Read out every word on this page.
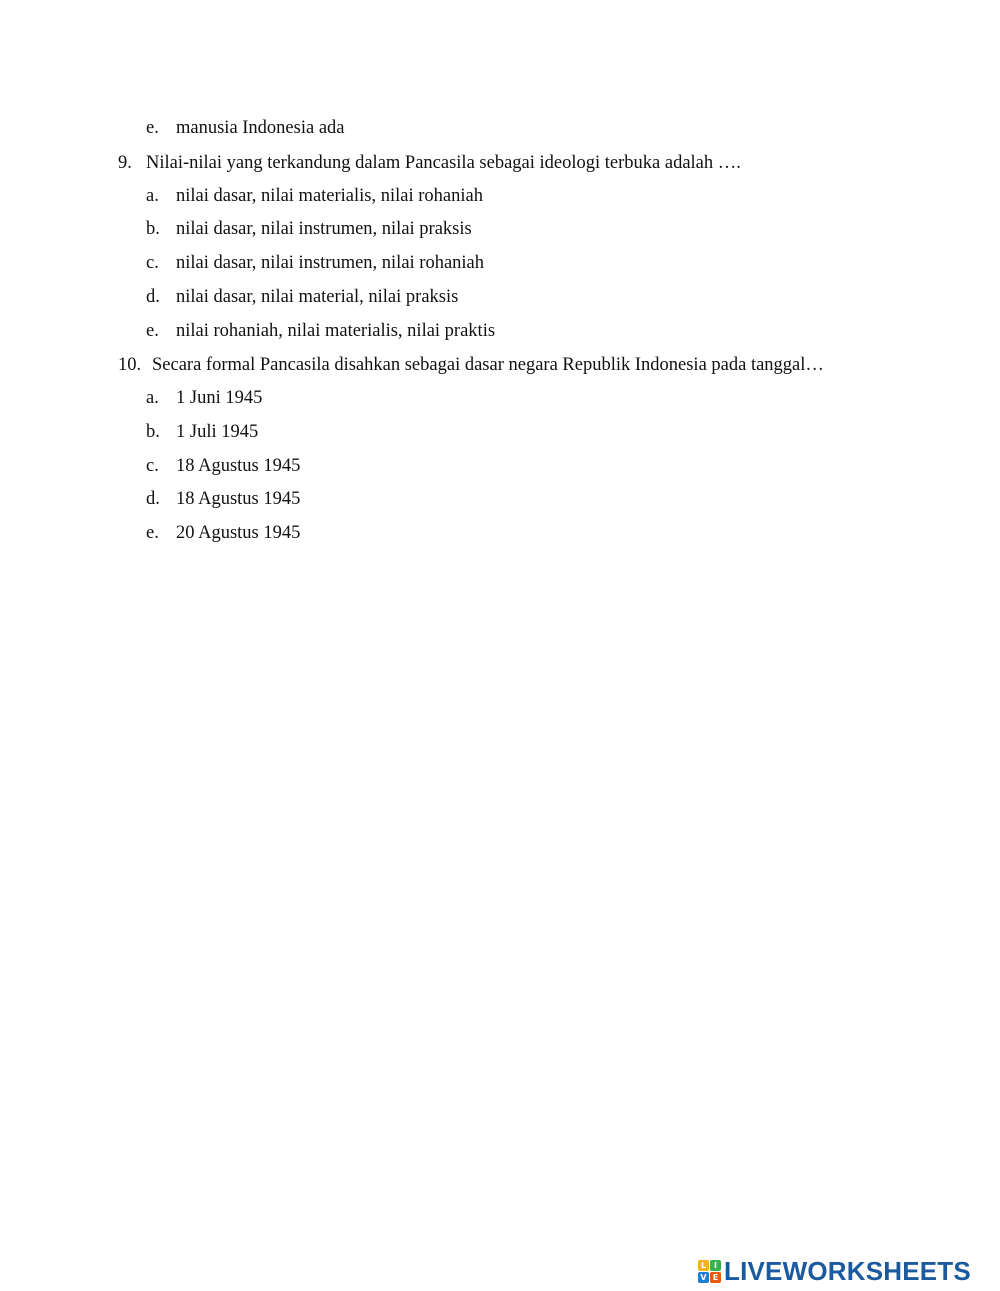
e. manusia Indonesia ada
9. Nilai-nilai yang terkandung dalam Pancasila sebagai ideologi terbuka adalah ….
a. nilai dasar, nilai materialis, nilai rohaniah
b. nilai dasar, nilai instrumen, nilai praksis
c. nilai dasar, nilai instrumen, nilai rohaniah
d. nilai dasar, nilai material, nilai praksis
e. nilai rohaniah, nilai materialis, nilai praktis
10. Secara formal Pancasila disahkan sebagai dasar negara Republik Indonesia pada tanggal…
a. 1 Juni 1945
b. 1 Juli 1945
c. 18 Agustus 1945
d. 18 Agustus 1945
e. 20 Agustus 1945
L I
V E LIVEWORKSHEETS
